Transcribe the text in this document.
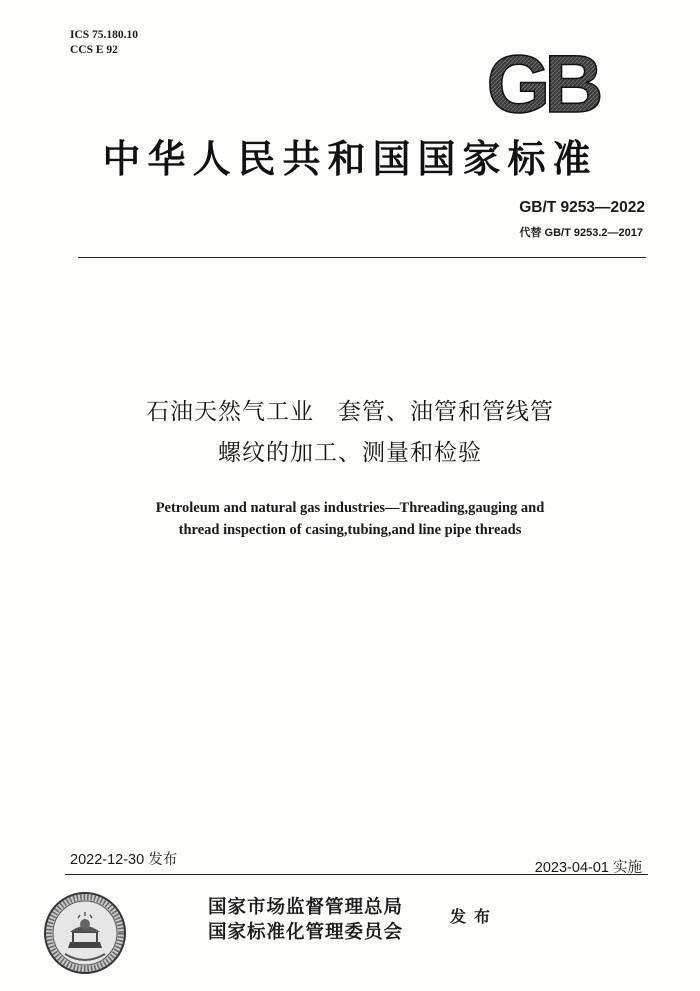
ICS 75.180.10
CCS E 92	GB
中华人民共和国国家标准
GB/T 9253—2022
代替 GB/T 9253.2—2017
石油天然气工业　套管、油管和管线管
螺纹的加工、测量和检验
Petroleum and natural gas industries—Threading,gauging and
thread inspection of casing,tubing,and line pipe threads
2022-12-30 发布	2023-04-01 实施
国家市场监督管理总局
国家标准化管理委员会
发布
